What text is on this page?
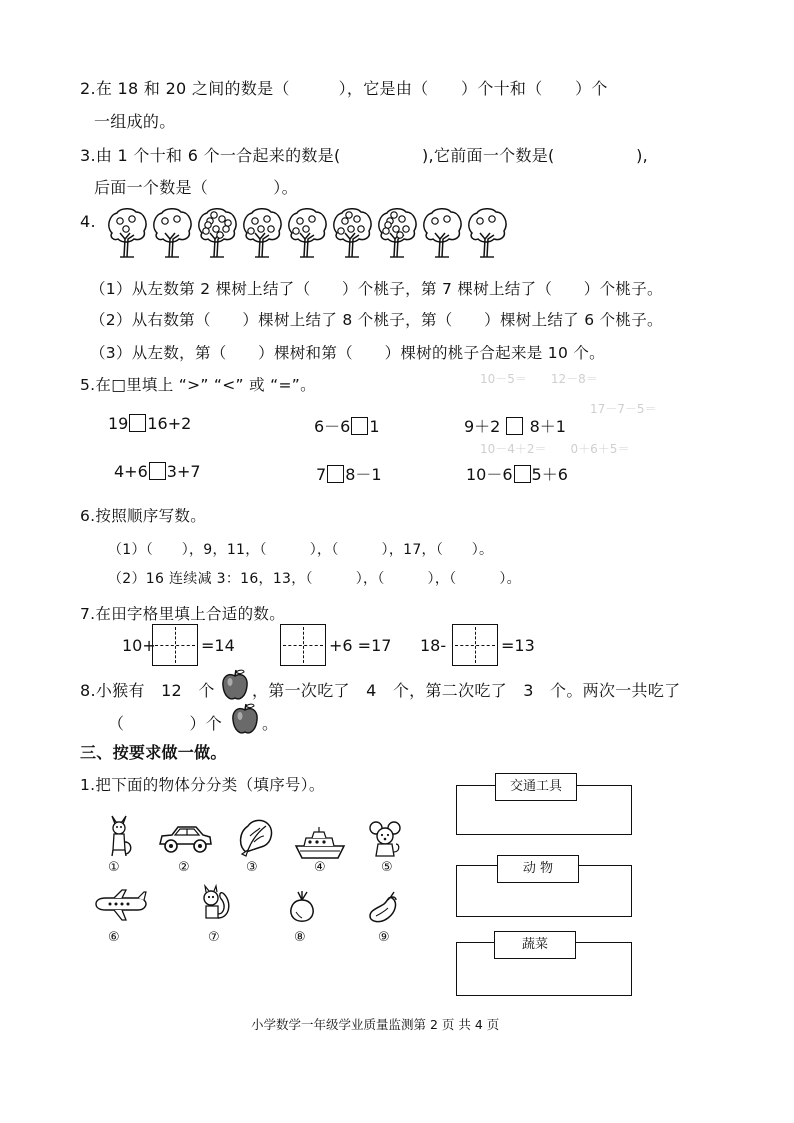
10－5＝　　12－8＝
17－7－5＝
10－4＋2＝　　0＋6＋5＝
2.在 18 和 20 之间的数是（　　　），它是由（　　）个十和（　　）个
一组成的。
3.由 1 个十和 6 个一合起来的数是(　　　　　),它前面一个数是(　　　　　),
后面一个数是（　　　　）。
4.
（1）从左数第 2 棵树上结了（　　）个桃子，第 7 棵树上结了（　　）个桃子。
（2）从右数第（　　）棵树上结了 8 个桃子，第（　　）棵树上结了 6 个桃子。
（3）从左数，第（　　）棵树和第（　　）棵树的桃子合起来是 10 个。
5.在□里填上 “>” “<” 或 “=”。
19 16+2	6－6 1	9＋2 8＋1
4+6 3+7	7 8－1	10－6 5＋6
6.按照顺序写数。
（1）（　　），9，11，（　　　），（　　　），17，（　　）。
（2）16 连续减 3：16，13，（　　　），（　　　），（　　　）。
7.在田字格里填上合适的数。
10+	=14	+6 =17 18-	=13
8.小猴有　12　个 ，第一次吃了　4　个，第二次吃了　3　个。两次一共吃了
（　　　　）个 。
三、按要求做一做。
1.把下面的物体分分类（填序号）。
①	②	③	④	⑤
⑥	⑦	⑧	⑨
交通工具
动 物
蔬菜
小学数学一年级学业质量监测第 2 页 共 4 页
